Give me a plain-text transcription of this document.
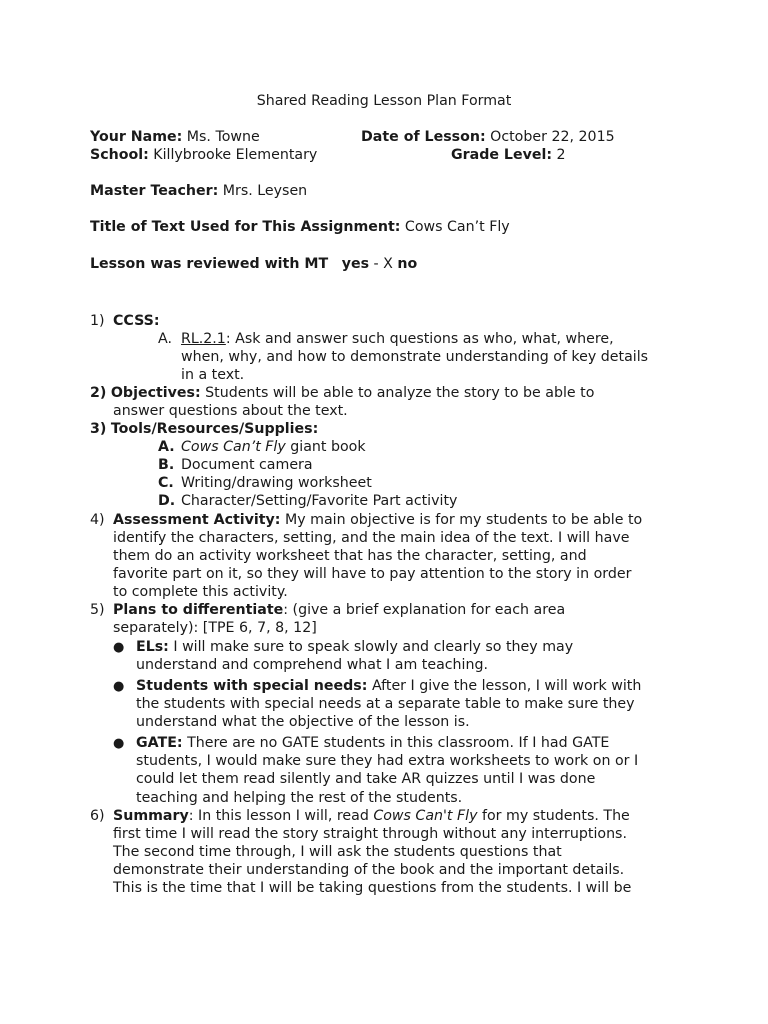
Shared Reading Lesson Plan Format
Your Name: Ms. Towne	Date of Lesson: October 22, 2015
School: Killybrooke Elementary	Grade Level: 2
Master Teacher: Mrs. Leysen
Title of Text Used for This Assignment: Cows Can’t Fly
Lesson was reviewed with MT yes - X no
1) CCSS:
A. RL.2.1: Ask and answer such questions as who, what, where,
when, why, and how to demonstrate understanding of key details
in a text.
2) Objectives: Students will be able to analyze the story to be able to
answer questions about the text.
3) Tools/Resources/Supplies:
A. Cows Can’t Fly giant book
B. Document camera
C. Writing/drawing worksheet
D. Character/Setting/Favorite Part activity
4) Assessment Activity: My main objective is for my students to be able to
identify the characters, setting, and the main idea of the text. I will have
them do an activity worksheet that has the character, setting, and
favorite part on it, so they will have to pay attention to the story in order
to complete this activity.
5) Plans to differentiate: (give a brief explanation for each area
separately): [TPE 6, 7, 8, 12]
● ELs: I will make sure to speak slowly and clearly so they may
understand and comprehend what I am teaching.
● Students with special needs: After I give the lesson, I will work with
the students with special needs at a separate table to make sure they
understand what the objective of the lesson is.
● GATE: There are no GATE students in this classroom. If I had GATE
students, I would make sure they had extra worksheets to work on or I
could let them read silently and take AR quizzes until I was done
teaching and helping the rest of the students.
6) Summary: In this lesson I will, read Cows Can't Fly for my students. The
first time I will read the story straight through without any interruptions.
The second time through, I will ask the students questions that
demonstrate their understanding of the book and the important details.
This is the time that I will be taking questions from the students. I will be
